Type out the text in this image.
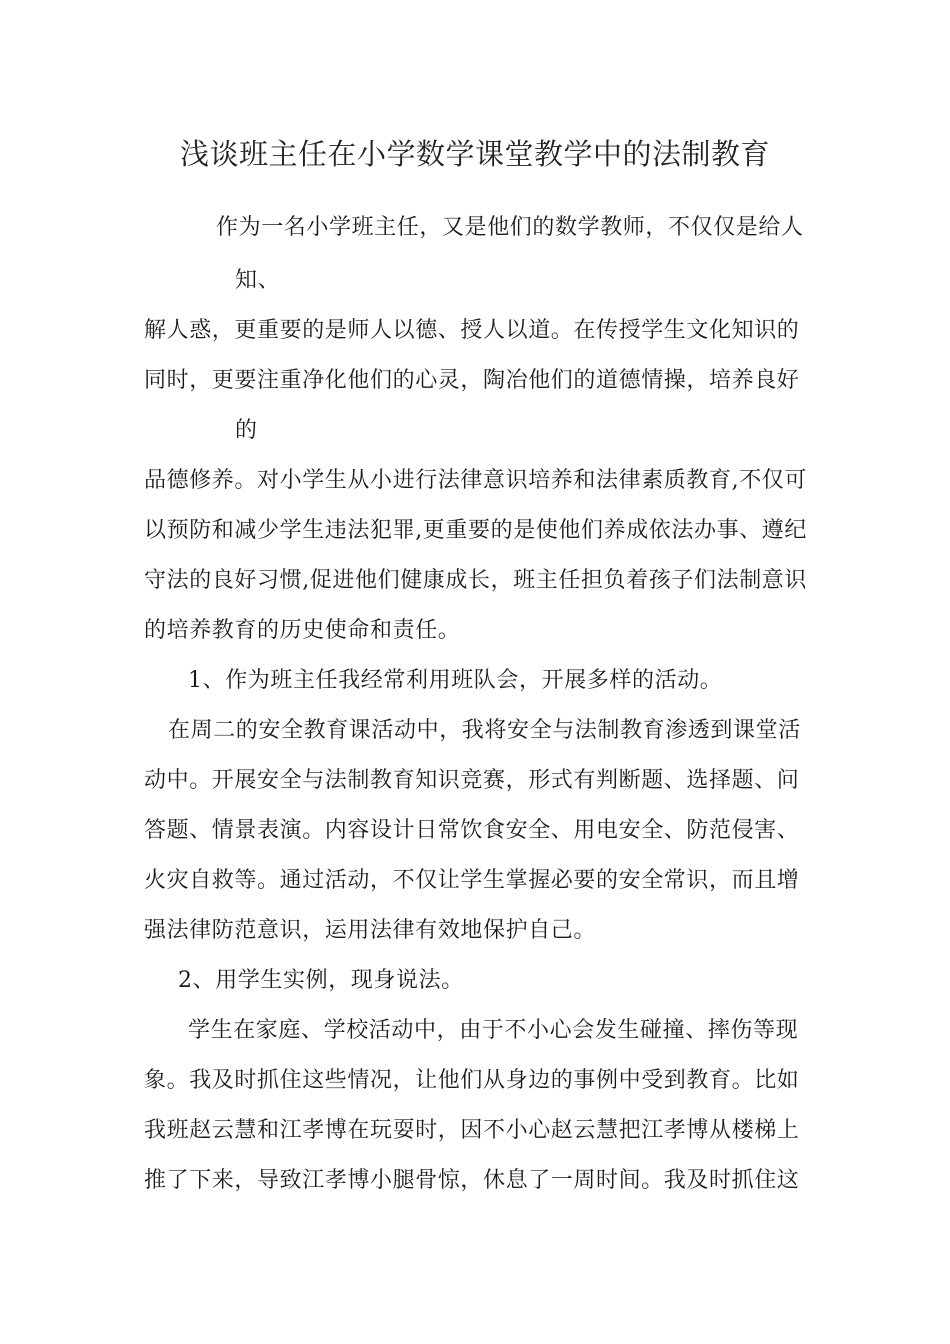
浅谈班主任在小学数学课堂教学中的法制教育
作为一名小学班主任，又是他们的数学教师，不仅仅是给人
知、
解人惑，更重要的是师人以德、授人以道。在传授学生文化知识的
同时，更要注重净化他们的心灵，陶冶他们的道德情操，培养良好
的
品德修养。对小学生从小进行法律意识培养和法律素质教育,不仅可
以预防和减少学生违法犯罪,更重要的是使他们养成依法办事、遵纪
守法的良好习惯,促进他们健康成长，班主任担负着孩子们法制意识
的培养教育的历史使命和责任。
1、作为班主任我经常利用班队会，开展多样的活动。
在周二的安全教育课活动中，我将安全与法制教育渗透到课堂活
动中。开展安全与法制教育知识竞赛，形式有判断题、选择题、问
答题、情景表演。内容设计日常饮食安全、用电安全、防范侵害、
火灾自救等。通过活动，不仅让学生掌握必要的安全常识，而且增
强法律防范意识，运用法律有效地保护自己。
2、用学生实例，现身说法。
学生在家庭、学校活动中，由于不小心会发生碰撞、摔伤等现
象。我及时抓住这些情况，让他们从身边的事例中受到教育。比如
我班赵云慧和江孝博在玩耍时，因不小心赵云慧把江孝博从楼梯上
推了下来，导致江孝博小腿骨惊，休息了一周时间。我及时抓住这
